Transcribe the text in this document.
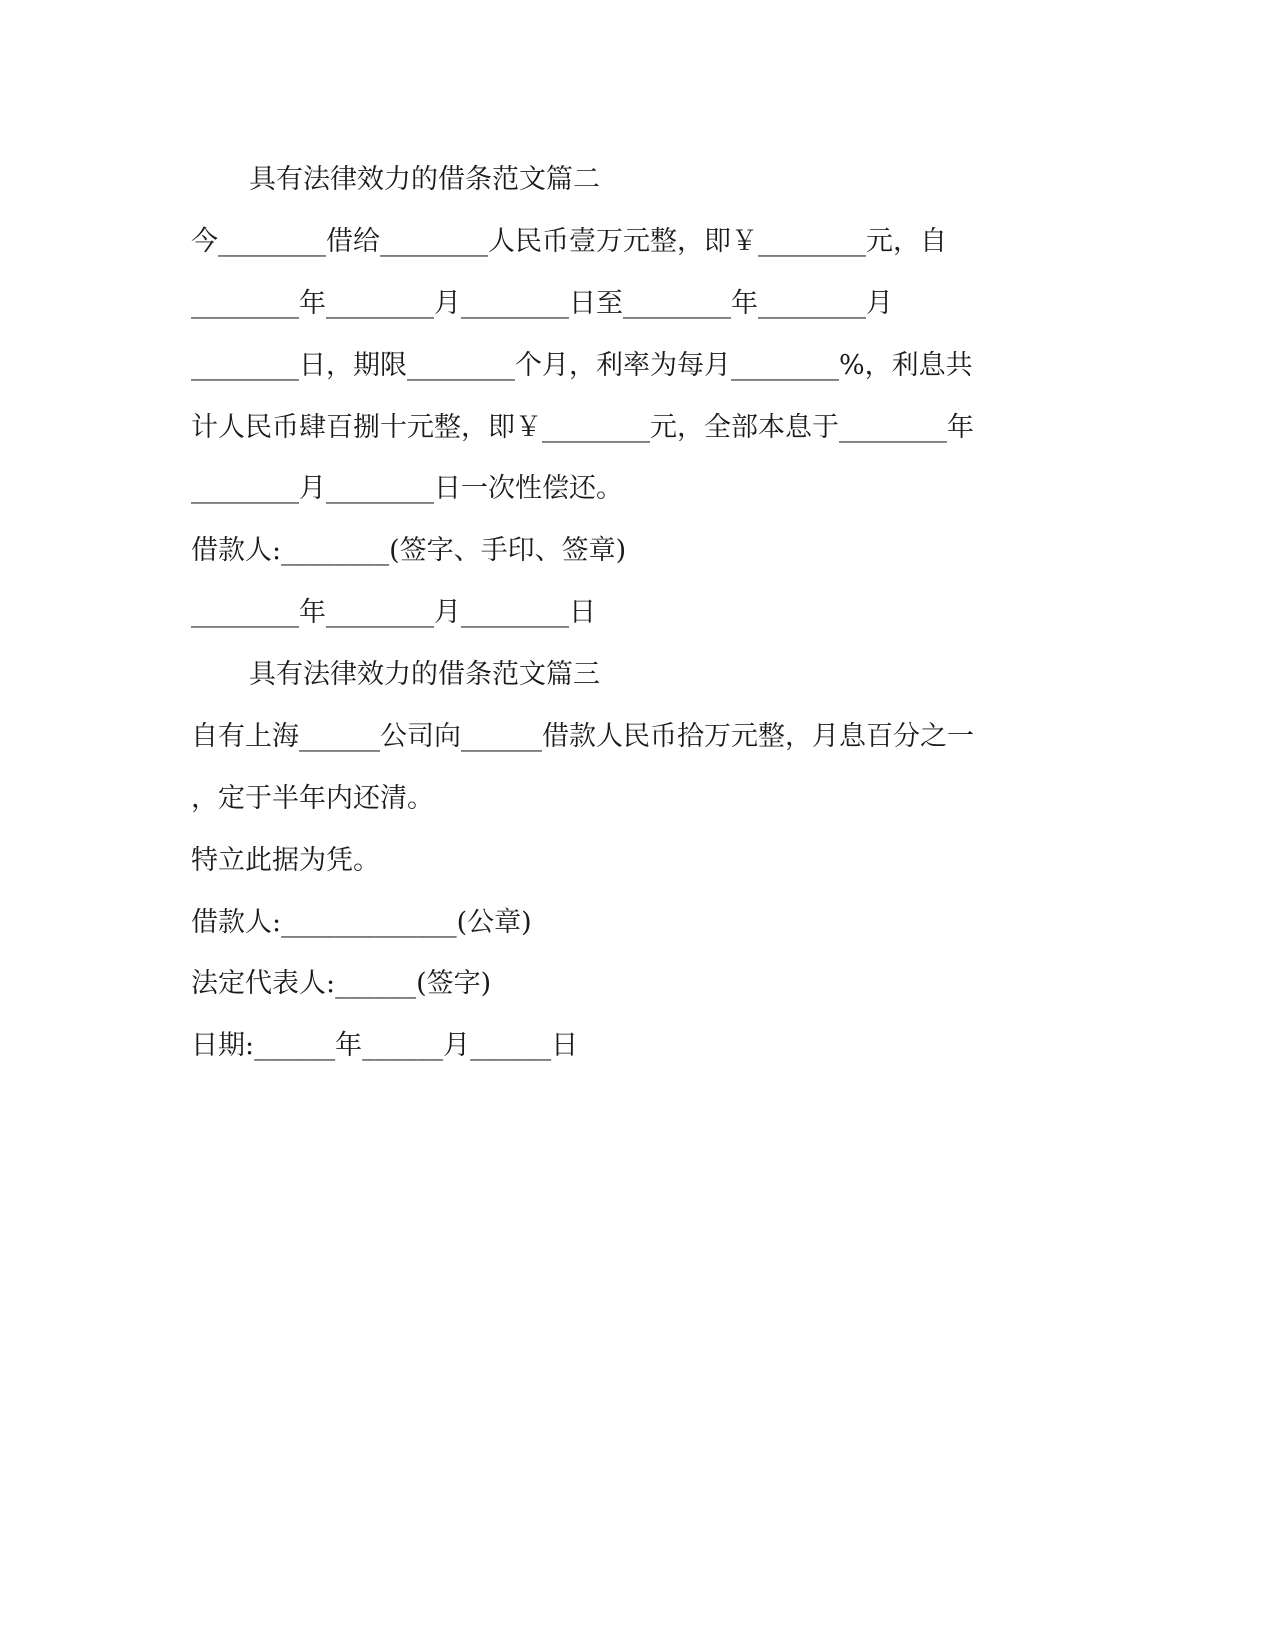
具有法律效力的借条范文篇二
今________借给________人民币壹万元整，即￥________元，自
________年________月________日至________年________月
________日，期限________个月，利率为每月________%，利息共
计人民币肆百捌十元整，即￥________元，全部本息于________年
________月________日一次性偿还。
借款人:________(签字、手印、签章)
________年________月________日
具有法律效力的借条范文篇三
自有上海______公司向______借款人民币拾万元整，月息百分之一
，定于半年内还清。
特立此据为凭。
借款人:_____________(公章)
法定代表人:______(签字)
日期:______年______月______日
